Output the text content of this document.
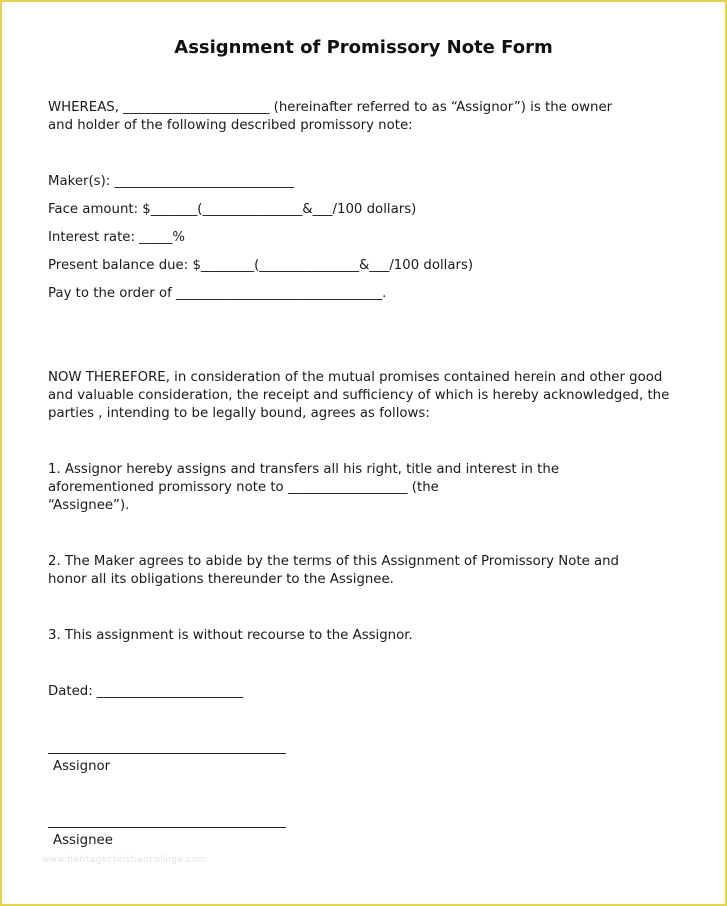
Assignment of Promissory Note Form
WHEREAS, ______________________ (hereinafter referred to as “Assignor”) is the owner
and holder of the following described promissory note:
Maker(s): ___________________________
Face amount: $_______(_______________&___/100 dollars)
Interest rate: _____%
Present balance due: $________(_______________&___/100 dollars)
Pay to the order of _______________________________.
NOW THEREFORE, in consideration of the mutual promises contained herein and other good
and valuable consideration, the receipt and sufficiency of which is hereby acknowledged, the
parties , intending to be legally bound, agrees as follows:
1. Assignor hereby assigns and transfers all his right, title and interest in the
aforementioned promissory note to __________________ (the
“Assignee”).
2. The Maker agrees to abide by the terms of this Assignment of Promissory Note and
honor all its obligations thereunder to the Assignee.
3. This assignment is without recourse to the Assignor.
Dated: ______________________
Assignor
Assignee
www.heritagechristiancollege.com
